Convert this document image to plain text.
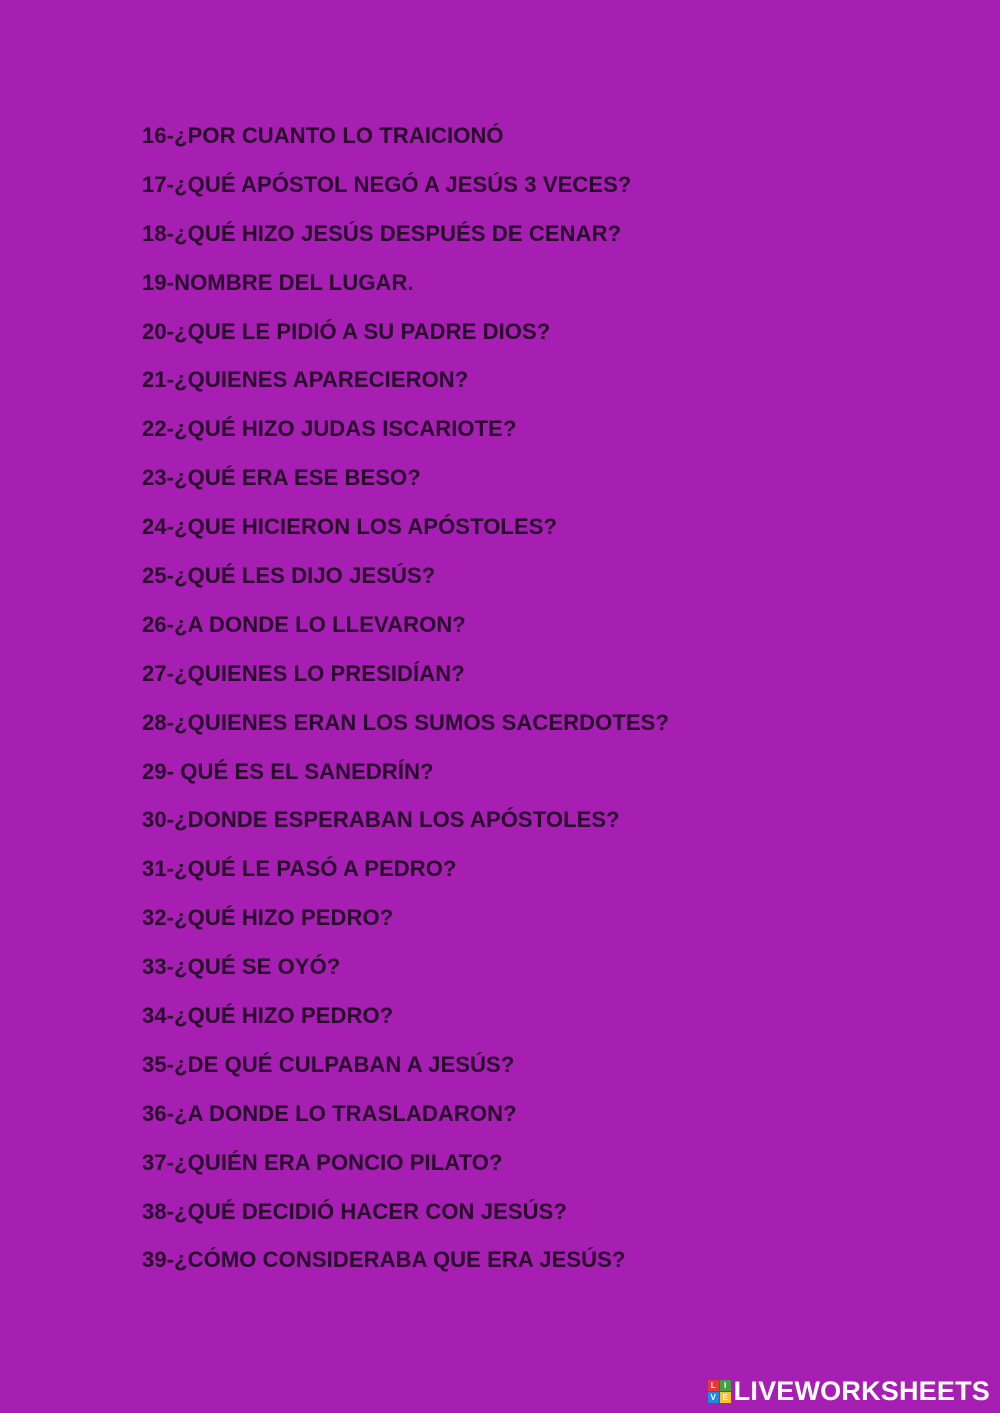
16-¿POR CUANTO LO TRAICIONÓ
17-¿QUÉ APÓSTOL NEGÓ A JESÚS 3 VECES?
18-¿QUÉ HIZO JESÚS DESPUÉS DE CENAR?
19-NOMBRE DEL LUGAR.
20-¿QUE LE PIDIÓ A SU PADRE DIOS?
21-¿QUIENES APARECIERON?
22-¿QUÉ HIZO JUDAS ISCARIOTE?
23-¿QUÉ ERA ESE BESO?
24-¿QUE HICIERON LOS APÓSTOLES?
25-¿QUÉ LES DIJO JESÚS?
26-¿A DONDE LO LLEVARON?
27-¿QUIENES LO PRESIDÍAN?
28-¿QUIENES ERAN LOS SUMOS SACERDOTES?
29- QUÉ ES EL SANEDRÍN?
30-¿DONDE ESPERABAN LOS APÓSTOLES?
31-¿QUÉ LE PASÓ A PEDRO?
32-¿QUÉ HIZO PEDRO?
33-¿QUÉ SE OYÓ?
34-¿QUÉ HIZO PEDRO?
35-¿DE QUÉ CULPABAN A JESÚS?
36-¿A DONDE LO TRASLADARON?
37-¿QUIÉN ERA PONCIO PILATO?
38-¿QUÉ DECIDIÓ HACER CON JESÚS?
39-¿CÓMO CONSIDERABA QUE ERA JESÚS?
L	I
V E LIVEWORKSHEETS
